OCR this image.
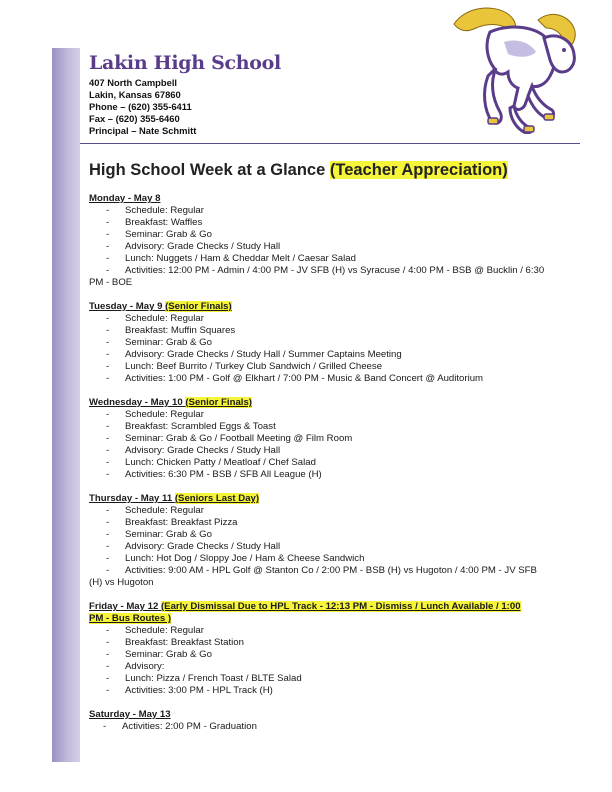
Lakin High School
407 North Campbell
Lakin, Kansas 67860
Phone – (620) 355-6411
Fax – (620) 355-6460
Principal – Nate Schmitt
High School Week at a Glance (Teacher Appreciation)
Monday - May 8
- Schedule: Regular
- Breakfast: Waffles
- Seminar: Grab & Go
- Advisory: Grade Checks / Study Hall
- Lunch: Nuggets / Ham & Cheddar Melt / Caesar Salad
- Activities: 12:00 PM - Admin / 4:00 PM - JV SFB (H) vs Syracuse / 4:00 PM - BSB @ Bucklin / 6:30
PM - BOE
Tuesday - May 9 (Senior Finals)
- Schedule: Regular
- Breakfast: Muffin Squares
- Seminar: Grab & Go
- Advisory: Grade Checks / Study Hall / Summer Captains Meeting
- Lunch: Beef Burrito / Turkey Club Sandwich / Grilled Cheese
- Activities: 1:00 PM - Golf @ Elkhart / 7:00 PM - Music & Band Concert @ Auditorium
Wednesday - May 10 (Senior Finals)
- Schedule: Regular
- Breakfast: Scrambled Eggs & Toast
- Seminar: Grab & Go / Football Meeting @ Film Room
- Advisory: Grade Checks / Study Hall
- Lunch: Chicken Patty / Meatloaf / Chef Salad
- Activities: 6:30 PM - BSB / SFB All League (H)
Thursday - May 11 (Seniors Last Day)
- Schedule: Regular
- Breakfast: Breakfast Pizza
- Seminar: Grab & Go
- Advisory: Grade Checks / Study Hall
- Lunch: Hot Dog / Sloppy Joe / Ham & Cheese Sandwich
- Activities: 9:00 AM - HPL Golf @ Stanton Co / 2:00 PM - BSB (H) vs Hugoton / 4:00 PM - JV SFB
(H) vs Hugoton
Friday - May 12 (Early Dismissal Due to HPL Track - 12:13 PM - Dismiss / Lunch Available / 1:00
PM - Bus Routes )
- Schedule: Regular
- Breakfast: Breakfast Station
- Seminar: Grab & Go
- Advisory:
- Lunch: Pizza / French Toast / BLTE Salad
- Activities: 3:00 PM - HPL Track (H)
Saturday - May 13
- Activities: 2:00 PM - Graduation
